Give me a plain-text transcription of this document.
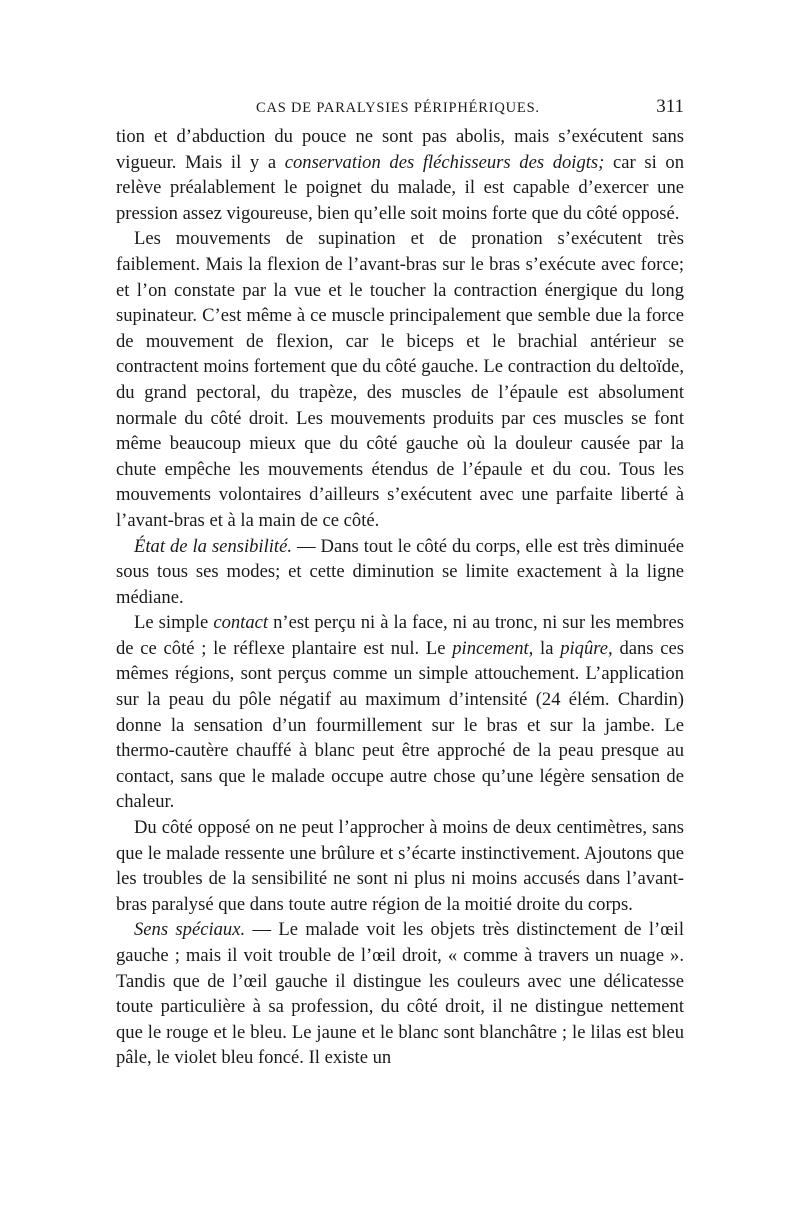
CAS DE PARALYSIES PÉRIPHÉRIQUES.	311

tion et d’abduction du pouce ne sont pas abolis, mais s’exécutent sans vigueur. Mais il y a conservation des fléchisseurs des doigts; car si on relève préalablement le poignet du malade, il est capable d’exercer une pression assez vigoureuse, bien qu’elle soit moins forte que du côté opposé.

Les mouvements de supination et de pronation s’exécutent très faiblement. Mais la flexion de l’avant-bras sur le bras s’exécute avec force; et l’on constate par la vue et le toucher la contraction énergique du long supinateur. C’est même à ce muscle principalement que semble due la force de mouvement de flexion, car le biceps et le brachial antérieur se contractent moins fortement que du côté gauche. Le contraction du deltoïde, du grand pectoral, du trapèze, des muscles de l’épaule est absolument normale du côté droit. Les mouvements produits par ces muscles se font même beaucoup mieux que du côté gauche où la douleur causée par la chute empêche les mouvements étendus de l’épaule et du cou. Tous les mouvements volontaires d’ailleurs s’exécutent avec une parfaite liberté à l’avant-bras et à la main de ce côté.

État de la sensibilité. — Dans tout le côté du corps, elle est très diminuée sous tous ses modes; et cette diminution se limite exactement à la ligne médiane.

Le simple contact n’est perçu ni à la face, ni au tronc, ni sur les membres de ce côté ; le réflexe plantaire est nul. Le pincement, la piqûre, dans ces mêmes régions, sont perçus comme un simple attouchement. L’application sur la peau du pôle négatif au maximum d’intensité (24 élém. Chardin) donne la sensation d’un fourmillement sur le bras et sur la jambe. Le thermo-cautère chauffé à blanc peut être approché de la peau presque au contact, sans que le malade occupe autre chose qu’une légère sensation de chaleur.

Du côté opposé on ne peut l’approcher à moins de deux centimètres, sans que le malade ressente une brûlure et s’écarte instinctivement. Ajoutons que les troubles de la sensibilité ne sont ni plus ni moins accusés dans l’avant-bras paralysé que dans toute autre région de la moitié droite du corps.

Sens spéciaux. — Le malade voit les objets très distinctement de l’œil gauche ; mais il voit trouble de l’œil droit, « comme à travers un nuage ». Tandis que de l’œil gauche il distingue les couleurs avec une délicatesse toute particulière à sa profession, du côté droit, il ne distingue nettement que le rouge et le bleu. Le jaune et le blanc sont blanchâtre ; le lilas est bleu pâle, le violet bleu foncé. Il existe un
